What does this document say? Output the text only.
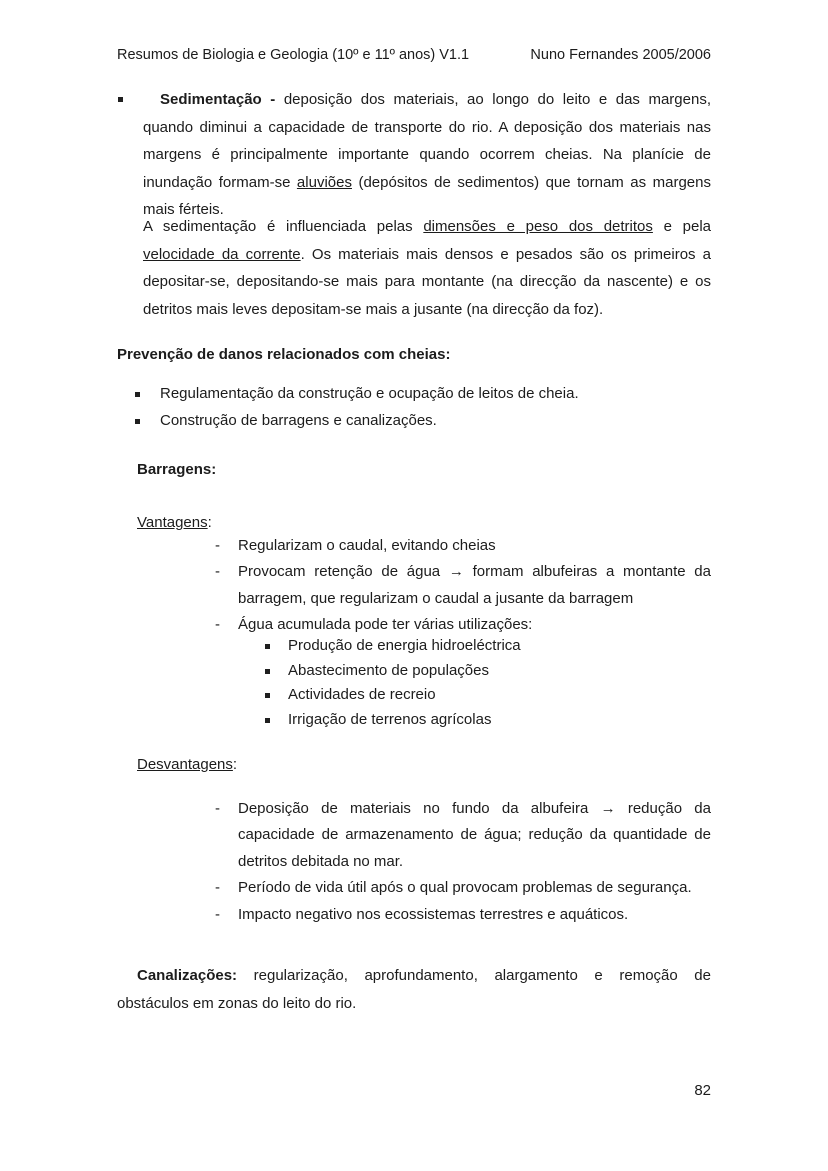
Resumos de Biologia e Geologia (10º e 11º anos) V1.1	Nuno Fernandes 2005/2006
Sedimentação - deposição dos materiais, ao longo do leito e das margens, quando diminui a capacidade de transporte do rio. A deposição dos materiais nas margens é principalmente importante quando ocorrem cheias. Na planície de inundação formam-se aluviões (depósitos de sedimentos) que tornam as margens mais férteis.
A sedimentação é influenciada pelas dimensões e peso dos detritos e pela velocidade da corrente. Os materiais mais densos e pesados são os primeiros a depositar-se, depositando-se mais para montante (na direcção da nascente) e os detritos mais leves depositam-se mais a jusante (na direcção da foz).
Prevenção de danos relacionados com cheias:
Regulamentação da construção e ocupação de leitos de cheia.
Construção de barragens e canalizações.
Barragens:
Vantagens:
- Regularizam o caudal, evitando cheias
- Provocam retenção de água → formam albufeiras a montante da barragem, que regularizam o caudal a jusante da barragem
- Água acumulada pode ter várias utilizações:
Produção de energia hidroeléctrica
Abastecimento de populações
Actividades de recreio
Irrigação de terrenos agrícolas
Desvantagens:
- Deposição de materiais no fundo da albufeira → redução da capacidade de armazenamento de água; redução da quantidade de detritos debitada no mar.
- Período de vida útil após o qual provocam problemas de segurança.
- Impacto negativo nos ecossistemas terrestres e aquáticos.
Canalizações: regularização, aprofundamento, alargamento e remoção de obstáculos em zonas do leito do rio.
82
